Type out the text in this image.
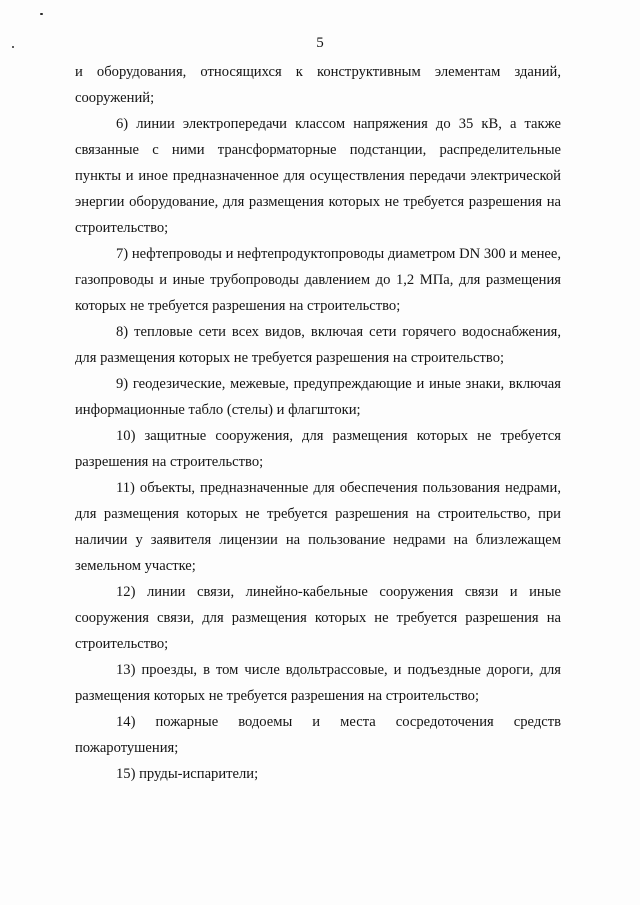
5

и оборудования, относящихся к конструктивным элементам зданий, сооружений;

6) линии электропередачи классом напряжения до 35 кВ, а также связанные с ними трансформаторные подстанции, распределительные пункты и иное предназначенное для осуществления передачи электрической энергии оборудование, для размещения которых не требуется разрешения на строительство;

7) нефтепроводы и нефтепродуктопроводы диаметром DN 300 и менее, газопроводы и иные трубопроводы давлением до 1,2 МПа, для размещения которых не требуется разрешения на строительство;

8) тепловые сети всех видов, включая сети горячего водоснабжения, для размещения которых не требуется разрешения на строительство;

9) геодезические, межевые, предупреждающие и иные знаки, включая информационные табло (стелы) и флагштоки;

10) защитные сооружения, для размещения которых не требуется разрешения на строительство;

11) объекты, предназначенные для обеспечения пользования недрами, для размещения которых не требуется разрешения на строительство, при наличии у заявителя лицензии на пользование недрами на близлежащем земельном участке;

12) линии связи, линейно-кабельные сооружения связи и иные сооружения связи, для размещения которых не требуется разрешения на строительство;

13) проезды, в том числе вдольтрассовые, и подъездные дороги, для размещения которых не требуется разрешения на строительство;

14) пожарные водоемы и места сосредоточения средств пожаротушения;

15) пруды-испарители;
